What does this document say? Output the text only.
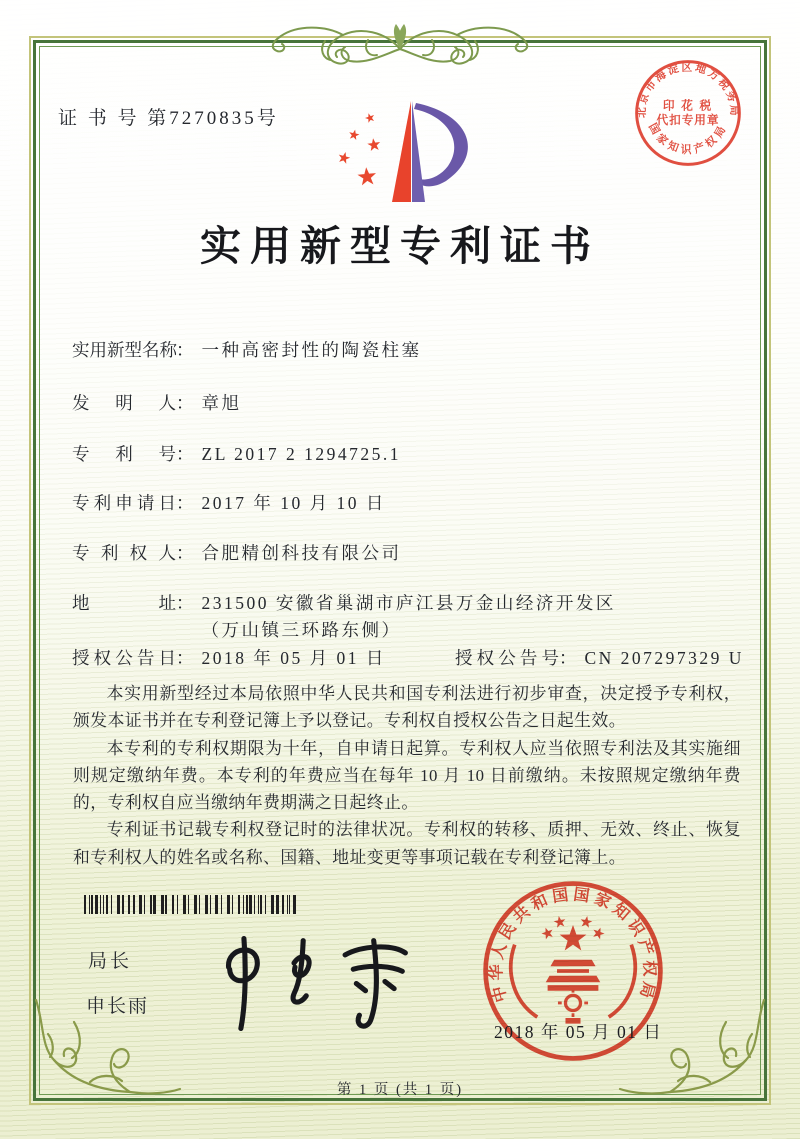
证 书 号 第7270835号	北京市海淀区地方税务局
印 花 税
代扣专用章
国家知识产权局
实用新型专利证书
实用新型名称： 一种高密封性的陶瓷柱塞
发明人： 章旭
专利号： ZL 2017 2 1294725.1
专利申请日： 2017 年 10 月 10 日
专利权人： 合肥精创科技有限公司
地址： 231500 安徽省巢湖市庐江县万金山经济开发区（万山镇三环路东侧）
授权公告日： 2018 年 05 月 01 日	授权公告号： CN 207297329 U

本实用新型经过本局依照中华人民共和国专利法进行初步审查，决定授予专利权，颁发本证书并在专利登记簿上予以登记。专利权自授权公告之日起生效。

本专利的专利权期限为十年，自申请日起算。专利权人应当依照专利法及其实施细则规定缴纳年费。本专利的年费应当在每年 10 月 10 日前缴纳。未按照规定缴纳年费的，专利权自应当缴纳年费期满之日起终止。

专利证书记载专利权登记时的法律状况。专利权的转移、质押、无效、终止、恢复和专利权人的姓名或名称、国籍、地址变更等事项记载在专利登记簿上。

局长
申长雨
中华人民共和国国家知识产权局
2018 年 05 月 01 日
第 1 页 (共 1 页)
